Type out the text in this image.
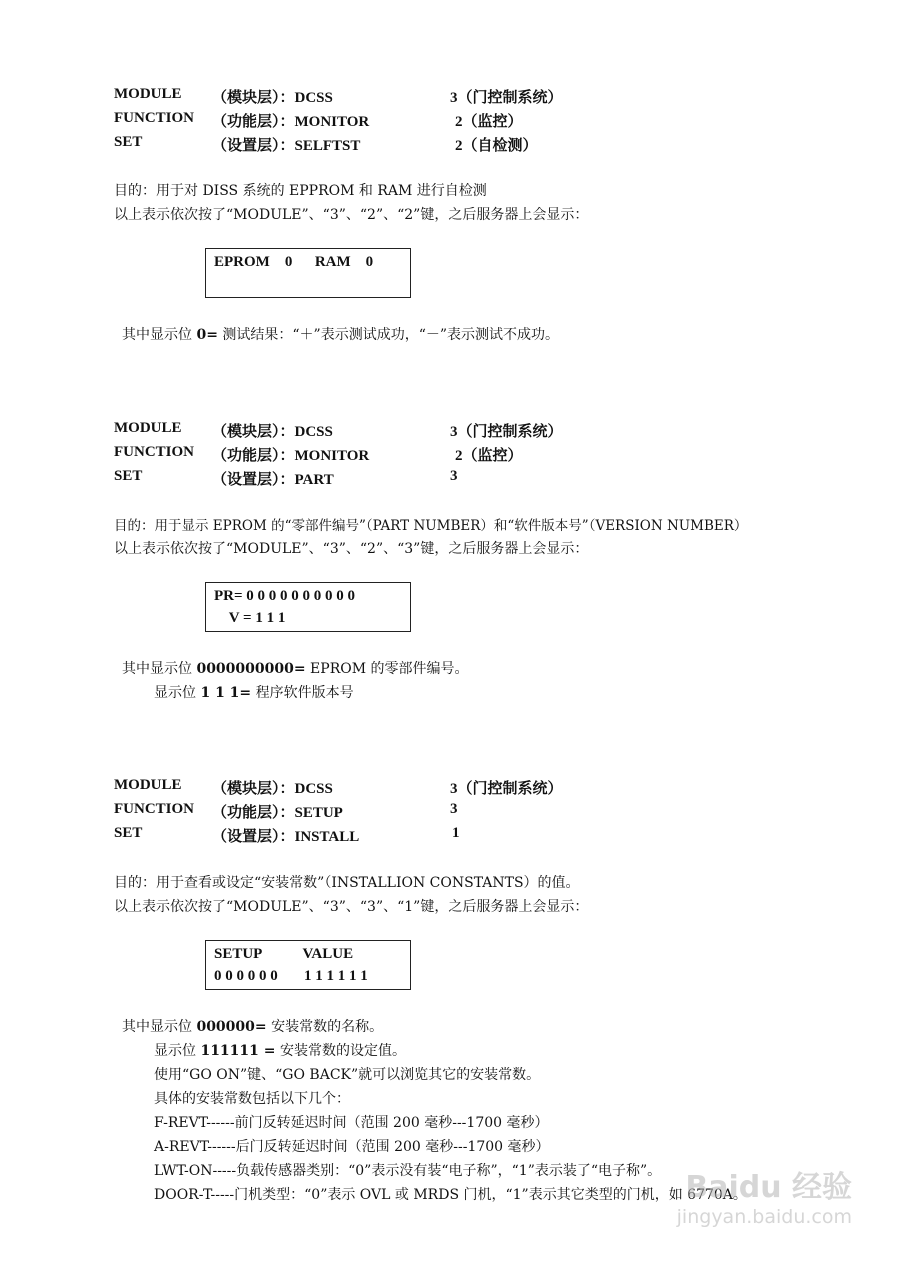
MODULE （模块层）：DCSS	3（门控制系统）
FUNCTION （功能层）：MONITOR	2（监控）
SET	（设置层）：SELFTST	2（自检测）
目的：用于对 DISS 系统的 EPPROM 和 RAM 进行自检测
以上表示依次按了“MODULE”、“3”、“2”、“2”键，之后服务器上会显示：
EPROM    0      RAM    0
其中显示位 0= 测试结果：“＋”表示测试成功，“－”表示测试不成功。
MODULE （模块层）：DCSS	3（门控制系统）
FUNCTION （功能层）：MONITOR	2（监控）
SET	（设置层）：PART	3
目的：用于显示 EPROM 的“零部件编号”（PART NUMBER）和“软件版本号”（VERSION NUMBER）
以上表示依次按了“MODULE”、“3”、“2”、“3”键，之后服务器上会显示：
PR= 0 0 0 0 0 0 0 0 0 0
V = 1 1 1
其中显示位 0000000000= EPROM 的零部件编号。
显示位 1 1 1= 程序软件版本号
MODULE （模块层）：DCSS	3（门控制系统）
FUNCTION （功能层）：SETUP	3
SET	（设置层）：INSTALL	1
目的：用于查看或设定“安装常数”（INSTALLION CONSTANTS）的值。
以上表示依次按了“MODULE”、“3”、“3”、“1”键，之后服务器上会显示：
SETUP           VALUE
0 0 0 0 0 0       1 1 1 1 1 1
其中显示位 000000= 安装常数的名称。
显示位 111111 = 安装常数的设定值。
使用“GO ON”键、“GO BACK”就可以浏览其它的安装常数。
具体的安装常数包括以下几个：
F-REVT------前门反转延迟时间（范围 200 毫秒---1700 毫秒）
A-REVT------后门反转延迟时间（范围 200 毫秒---1700 毫秒）
LWT-ON-----负载传感器类别：“0”表示没有装“电子称”，“1”表示装了“电子称”。
DOOR-T-----门机类型：“0”表示 OVL 或 MRDS 门机，“1”表示其它类型的门机，如 6770A。
Baidu 经验
jingyan.baidu.com
